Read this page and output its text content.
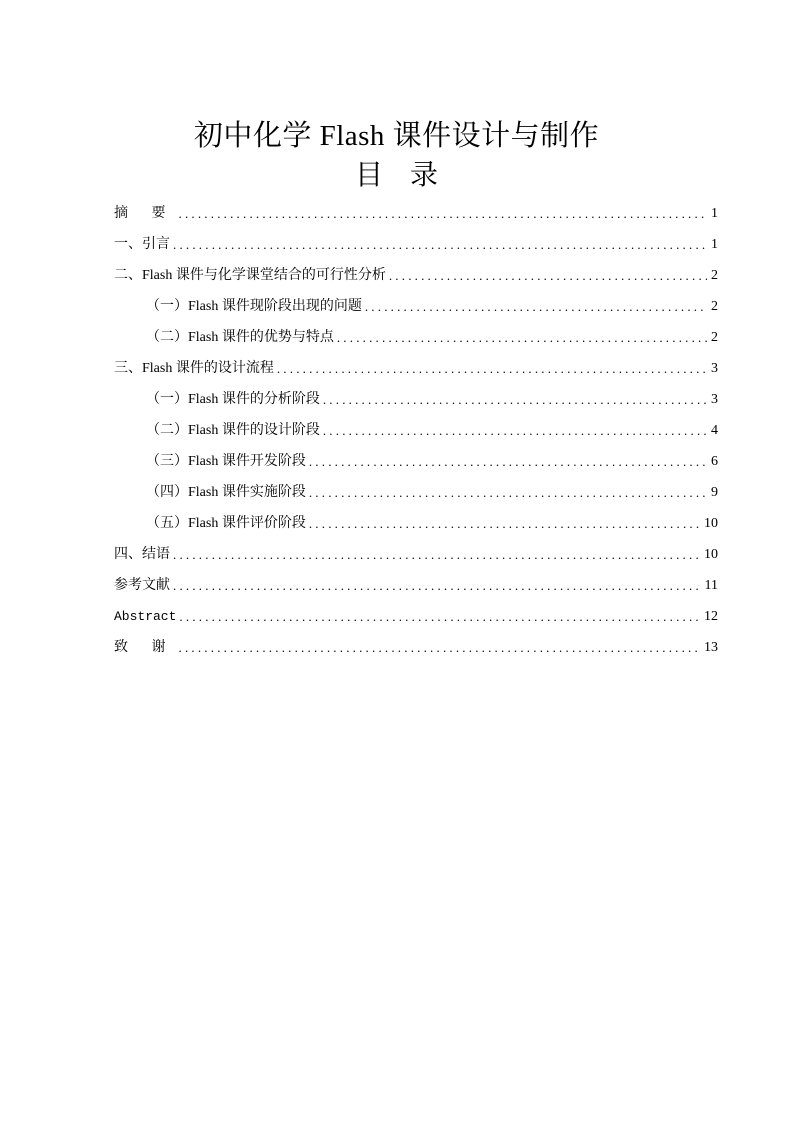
初中化学 Flash 课件设计与制作
目 录
摘 要 .....	1
一、引言 .....	1
二、Flash 课件与化学课堂结合的可行性分析 .....	2
（一）Flash 课件现阶段出现的问题 .....	2
（二）Flash 课件的优势与特点 .....	2
三、Flash 课件的设计流程 .....	3
（一）Flash 课件的分析阶段 .....	3
（二）Flash 课件的设计阶段 .....	4
（三）Flash 课件开发阶段 .....	6
（四）Flash 课件实施阶段 .....	9
（五）Flash 课件评价阶段 .....	10
四、结语 .....	10
参考文献 .....	11
Abstract .....	12
致 谢 .....	13
